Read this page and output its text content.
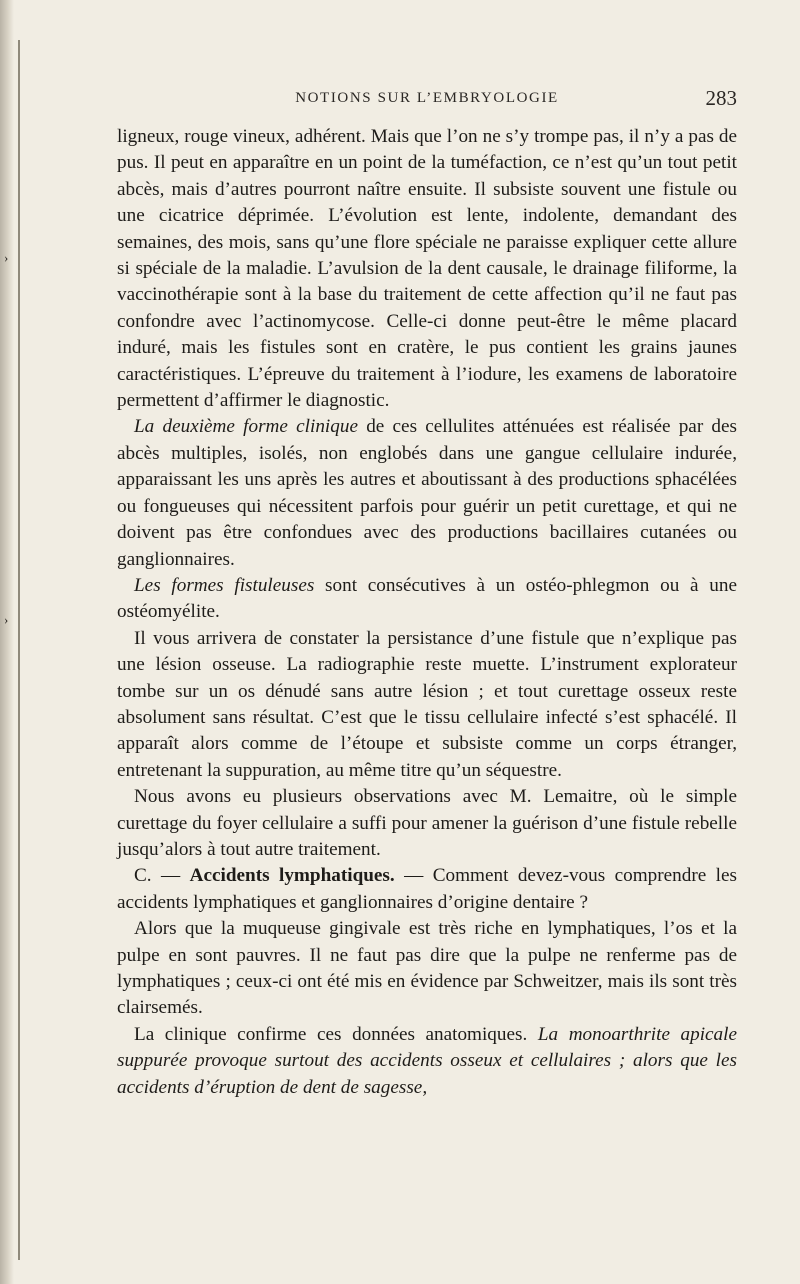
›
›
NOTIONS SUR L’EMBRYOLOGIE	283

ligneux, rouge vineux, adhérent. Mais que l’on ne s’y trompe pas, il n’y a pas de pus. Il peut en apparaître en un point de la tuméfaction, ce n’est qu’un tout petit abcès, mais d’autres pourront naître ensuite. Il subsiste souvent une fistule ou une cicatrice déprimée. L’évolution est lente, indolente, demandant des semaines, des mois, sans qu’une flore spéciale ne paraisse expliquer cette allure si spéciale de la maladie. L’avulsion de la dent causale, le drainage filiforme, la vaccinothérapie sont à la base du traitement de cette affection qu’il ne faut pas confondre avec l’actinomycose. Celle-ci donne peut-être le même placard induré, mais les fistules sont en cratère, le pus contient les grains jaunes caractéristiques. L’épreuve du traitement à l’iodure, les examens de laboratoire permettent d’affirmer le diagnostic.

La deuxième forme clinique de ces cellulites atténuées est réalisée par des abcès multiples, isolés, non englobés dans une gangue cellulaire indurée, apparaissant les uns après les autres et aboutissant à des productions sphacélées ou fongueuses qui nécessitent parfois pour guérir un petit curettage, et qui ne doivent pas être confondues avec des productions bacillaires cutanées ou ganglionnaires.

Les formes fistuleuses sont consécutives à un ostéo-phlegmon ou à une ostéomyélite.

Il vous arrivera de constater la persistance d’une fistule que n’explique pas une lésion osseuse. La radiographie reste muette. L’instrument explorateur tombe sur un os dénudé sans autre lésion ; et tout curettage osseux reste absolument sans résultat. C’est que le tissu cellulaire infecté s’est sphacélé. Il apparaît alors comme de l’étoupe et subsiste comme un corps étranger, entretenant la suppuration, au même titre qu’un séquestre.

Nous avons eu plusieurs observations avec M. Lemaitre, où le simple curettage du foyer cellulaire a suffi pour amener la guérison d’une fistule rebelle jusqu’alors à tout autre traitement.

C. — Accidents lymphatiques. — Comment devez-vous comprendre les accidents lymphatiques et ganglionnaires d’origine dentaire ?

Alors que la muqueuse gingivale est très riche en lymphatiques, l’os et la pulpe en sont pauvres. Il ne faut pas dire que la pulpe ne renferme pas de lymphatiques ; ceux-ci ont été mis en évidence par Schweitzer, mais ils sont très clairsemés.

La clinique confirme ces données anatomiques. La monoarthrite apicale suppurée provoque surtout des accidents osseux et cellulaires ; alors que les accidents d’éruption de dent de sagesse,
